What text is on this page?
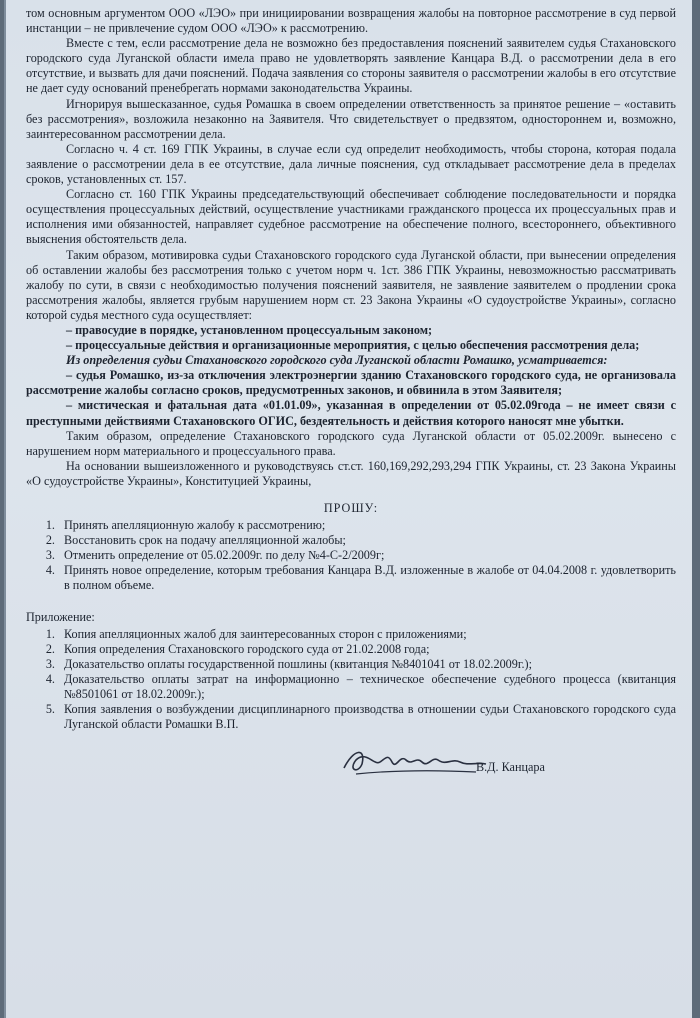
том основным аргументом ООО «ЛЭО» при инициировании возвращения жалобы на повторное рассмотрение в суд первой инстанции – не привлечение судом ООО «ЛЭО» к рассмотрению.

Вместе с тем, если рассмотрение дела не возможно без предоставления пояснений заявителем судья Стахановского городского суда Луганской области имела право не удовлетворять заявление Канцара В.Д. о рассмотрении дела в его отсутствие, и вызвать для дачи пояснений. Подача заявления со стороны заявителя о рассмотрении жалобы в его отсутствие не дает суду оснований пренебрегать нормами законодательства Украины.

Игнорируя вышесказанное, судья Ромашка в своем определении ответственность за принятое решение – «оставить без рассмотрения», возложила незаконно на Заявителя. Что свидетельствует о предвзятом, одностороннем и, возможно, заинтересованном рассмотрении дела.

Согласно ч. 4 ст. 169 ГПК Украины, в случае если суд определит необходимость, чтобы сторона, которая подала заявление о рассмотрении дела в ее отсутствие, дала личные пояснения, суд откладывает рассмотрение дела в пределах сроков, установленных ст. 157.

Согласно ст. 160 ГПК Украины председательствующий обеспечивает соблюдение последовательности и порядка осуществления процессуальных действий, осуществление участниками гражданского процесса их процессуальных прав и исполнения ими обязанностей, направляет судебное рассмотрение на обеспечение полного, всестороннего, объективного выяснения обстоятельств дела.

Таким образом, мотивировка судьи Стахановского городского суда Луганской области, при вынесении определения об оставлении жалобы без рассмотрения только с учетом норм ч. 1ст. 386 ГПК Украины, невозможностью рассматривать жалобу по сути, в связи с необходимостью получения пояснений заявителя, не заявление заявителем о продлении срока рассмотрения жалобы, является грубым нарушением норм ст. 23 Закона Украины «О судоустройстве Украины», согласно которой судья местного суда осуществляет:

– правосудие в порядке, установленном процессуальным законом;

– процессуальные действия и организационные мероприятия, с целью обеспечения рассмотрения дела;

Из определения судьи Стахановского городского суда Луганской области Ромашко, усматривается:

– судья Ромашко, из-за отключения электроэнергии зданию Стахановского городского суда, не организовала рассмотрение жалобы согласно сроков, предусмотренных законов, и обвинила в этом Заявителя;

– мистическая и фатальная дата «01.01.09», указанная в определении от 05.02.09года – не имеет связи с преступными действиями Стахановского ОГИС, бездеятельность и действия которого наносят мне убытки.

Таким образом, определение Стахановского городского суда Луганской области от 05.02.2009г. вынесено с нарушением норм материального и процессуального права.

На основании вышеизложенного и руководствуясь ст.ст. 160,169,292,293,294 ГПК Украины, ст. 23 Закона Украины «О судоустройстве Украины», Конституцией Украины,

ПРОШУ:

1. Принять апелляционную жалобу к рассмотрению;
2. Восстановить срок на подачу апелляционной жалобы;
3. Отменить определение от 05.02.2009г. по делу №4-С-2/2009г;
4. Принять новое определение, которым требования Канцара В.Д. изложенные в жалобе от 04.04.2008 г. удовлетворить в полном объеме.

Приложение:

1. Копия апелляционных жалоб для заинтересованных сторон с приложениями;
2. Копия определения Стахановского городского суда от 21.02.2008 года;
3. Доказательство оплаты государственной пошлины (квитанция №8401041 от 18.02.2009г.);
4. Доказательство оплаты затрат на информационно – техническое обеспечение судебного процесса (квитанция №8501061 от 18.02.2009г.);
5. Копия заявления о возбуждении дисциплинарного производства в отношении судьи Стахановского городского суда Луганской области Ромашки В.П.
В.Д. Канцара
